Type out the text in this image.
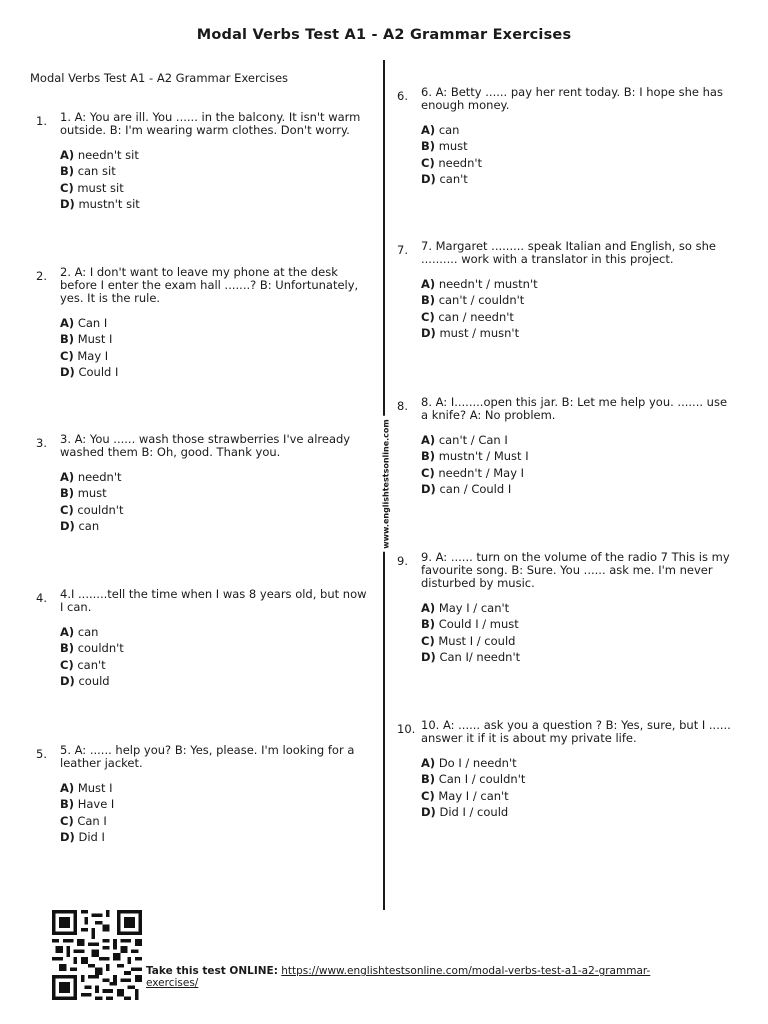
Modal Verbs Test A1 - A2 Grammar Exercises
Modal Verbs Test A1 - A2 Grammar Exercises
www.englishtestsonline.com
1. 1. A: You are ill. You ...... in the balcony. It isn't warm outside. B: I'm wearing warm clothes. Don't worry.
A) needn't sit
B) can sit
C) must sit
D) mustn't sit
2. 2. A: I don't want to leave my phone at the desk before I enter the exam hall .......? B: Unfortunately, yes. It is the rule.
A) Can I
B) Must I
C) May I
D) Could I
3. 3. A: You ...... wash those strawberries I've already washed them B: Oh, good. Thank you.
A) needn't
B) must
C) couldn't
D) can
4. 4.I ........tell the time when I was 8 years old, but now I can.
A) can
B) couldn't
C) can't
D) could
5. 5. A: ...... help you? B: Yes, please. I'm looking for a leather jacket.
A) Must I
B) Have I
C) Can I
D) Did I
6. 6. A: Betty ...... pay her rent today. B: I hope she has enough money.
A) can
B) must
C) needn't
D) can't
7. 7. Margaret ......... speak Italian and English, so she .......... work with a translator in this project.
A) needn't / mustn't
B) can't / couldn't
C) can / needn't
D) must / musn't
8. 8. A: I........open this jar. B: Let me help you. ....... use a knife? A: No problem.
A) can't / Can I
B) mustn't / Must I
C) needn't / May I
D) can / Could I
9. 9. A: ...... turn on the volume of the radio 7 This is my favourite song. B: Sure. You ...... ask me. I'm never disturbed by music.
A) May I / can't
B) Could I / must
C) Must I / could
D) Can I/ needn't
10. 10. A: ...... ask you a question ? B: Yes, sure, but I ...... answer it if it is about my private life.
A) Do I / needn't
B) Can I / couldn't
C) May I / can't
D) Did I / could
Take this test ONLINE: https://www.englishtestsonline.com/modal-verbs-test-a1-a2-grammar-exercises/
